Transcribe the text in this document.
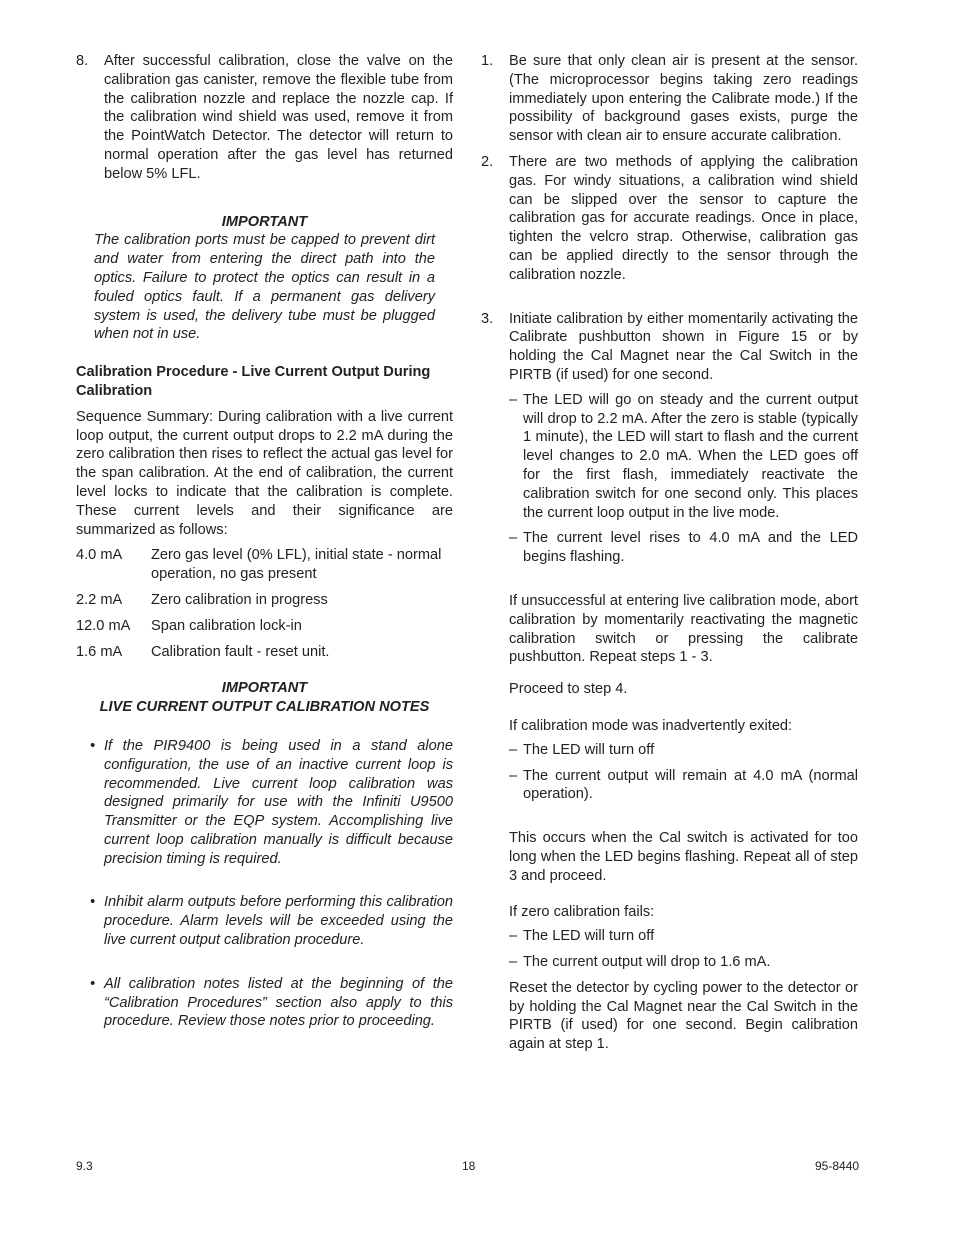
8.	After successful calibration, close the valve on the calibration gas canister, remove the flexible tube from the calibration nozzle and replace the nozzle cap. If the calibration wind shield was used, remove it from the PointWatch Detector. The detector will return to normal operation after the gas level has returned below 5% LFL.
IMPORTANT

The calibration ports must be capped to prevent dirt and water from entering the direct path into the optics. Failure to protect the optics can result in a fouled optics fault. If a permanent gas delivery system is used, the delivery tube must be plugged when not in use.

Calibration Procedure - Live Current Output During Calibration

Sequence Summary: During calibration with a live current loop output, the current output drops to 2.2 mA during the zero calibration then rises to reflect the actual gas level for the span calibration. At the end of calibration, the current level locks to indicate that the calibration is complete. These current levels and their significance are summarized as follows:

4.0 mA	Zero gas level (0% LFL), initial state - normal operation, no gas present
2.2 mA	Zero calibration in progress
12.0 mA	Span calibration lock-in
1.6 mA	Calibration fault - reset unit.
IMPORTANT
LIVE CURRENT OUTPUT CALIBRATION NOTES
• If the PIR9400 is being used in a stand alone configuration, the use of an inactive current loop is recommended. Live current loop calibration was designed primarily for use with the Infiniti U9500 Transmitter or the EQP system. Accomplishing live current loop calibration manually is difficult because precision timing is required.
• Inhibit alarm outputs before performing this calibration procedure. Alarm levels will be exceeded using the live current output calibration procedure.
• All calibration notes listed at the beginning of the “Calibration Procedures” section also apply to this procedure. Review those notes prior to proceeding.
1.	Be sure that only clean air is present at the sensor. (The microprocessor begins taking zero readings immediately upon entering the Calibrate mode.) If the possibility of background gases exists, purge the sensor with clean air to ensure accurate calibration.
2.	There are two methods of applying the calibration gas. For windy situations, a calibration wind shield can be slipped over the sensor to capture the calibration gas for accurate readings. Once in place, tighten the velcro strap. Otherwise, calibration gas can be applied directly to the sensor through the calibration nozzle.
3.	Initiate calibration by either momentarily activating the Calibrate pushbutton shown in Figure 15 or by holding the Cal Magnet near the Cal Switch in the PIRTB (if used) for one second.
– The LED will go on steady and the current output will drop to 2.2 mA. After the zero is stable (typically 1 minute), the LED will start to flash and the current level changes to 2.0 mA. When the LED goes off for the first flash, immediately reactivate the calibration switch for one second only. This places the current loop output in the live mode.
– The current level rises to 4.0 mA and the LED begins flashing.

If unsuccessful at entering live calibration mode, abort calibration by momentarily reactivating the magnetic calibration switch or pressing the calibrate pushbutton. Repeat steps 1 - 3.

Proceed to step 4.

If calibration mode was inadvertently exited:

– The LED will turn off
– The current output will remain at 4.0 mA (normal operation).

This occurs when the Cal switch is activated for too long when the LED begins flashing. Repeat all of step 3 and proceed.

If zero calibration fails:

– The LED will turn off
– The current output will drop to 1.6 mA.

Reset the detector by cycling power to the detector or by holding the Cal Magnet near the Cal Switch in the PIRTB (if used) for one second. Begin calibration again at step 1.

9.3	18	95-8440
